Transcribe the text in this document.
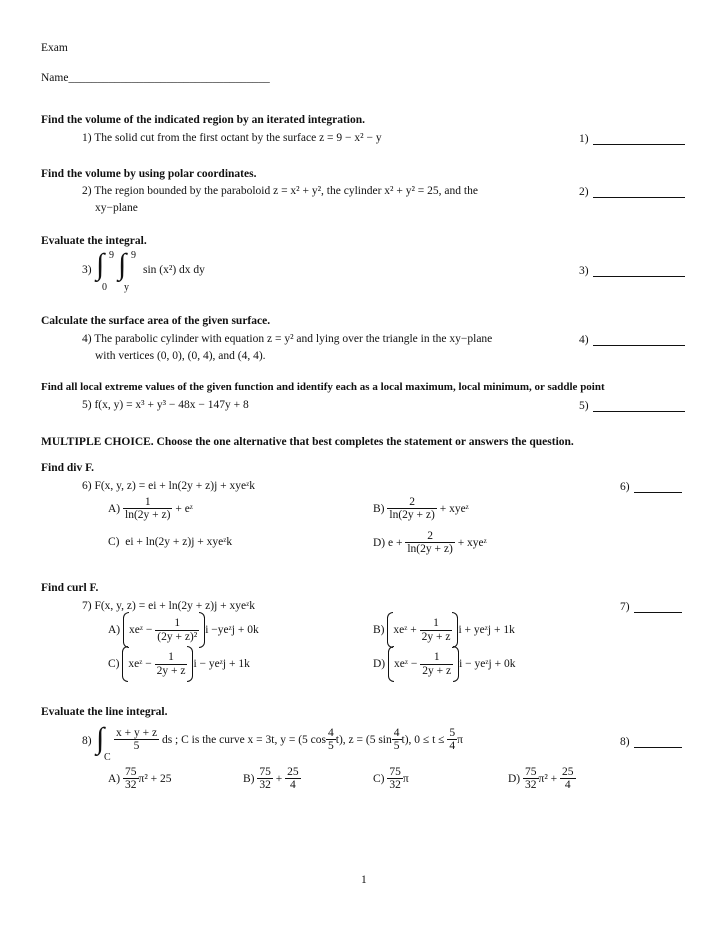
Exam
Name___________________________________
Find the volume of the indicated region by an iterated integration.
1) The solid cut from the first octant by the surface z = 9 − x² − y	1)
Find the volume by using polar coordinates.
2) The region bounded by the paraboloid z = x² + y², the cylinder x² + y² = 25, and the
xy−plane
2)
Evaluate the integral.
3) ∫ 9
0
∫ 9
y
sin (x²) dx dy	3)
Calculate the surface area of the given surface.
4) The parabolic cylinder with equation z = y² and lying over the triangle in the xy−plane
with vertices (0, 0), (0, 4), and (4, 4).
4)
Find all local extreme values of the given function and identify each as a local maximum, local minimum, or saddle point
5) f(x, y) = x³ + y³ − 48x − 147y + 8	5)
MULTIPLE CHOICE. Choose the one alternative that best completes the statement or answers the question.
Find div F.
6) F(x, y, z) = ei + ln(2y + z)j + xyeᶻk	6)
A)
$\frac{1}{\ln(2y + z)}$
+ eᶻ	B)
$\frac{2}{\ln(2y + z)}$
+ xyeᶻ
C) ei + ln(2y + z)j + xyeᶻk	D)
e +
$\frac{2}{\ln(2y + z)}$
+ xyeᶻ
Find curl F.
7) F(x, y, z) = ei + ln(2y + z)j + xyeᶻk	7)
A)
xeᶻ −
$\frac{1}{\text{(2y + z)²}}$ i −yeᶻj + 0k	B)
xeᶻ +
$\frac{1}{2y + z}$ i + yeᶻj + 1k
C)
xeᶻ −
$\frac{1}{2y + z}$ i − yeᶻj + 1k	D)
xeᶻ −
$\frac{1}{2y + z}$ i − yeᶻj + 0k
Evaluate the line integral.
8) ∫
C
$\frac{x + y + z}{5}$
ds ; C is the curve x = 3t, y = (5 $\cos \frac{4}{5} t$), z = (5 $\sin \frac{4}{5} t$), 0 ≤ t ≤
$\frac{5}{4}$ π	8)
A)
$\frac{75}{32} \pi^2 + 25$	B)
$\frac{75}{32}$
+
$\frac{25}{4}$	C)
$\frac{75}{32}$ π	D)
$\frac{75}{32} \pi^2$ +
$\frac{25}{4}$
1
